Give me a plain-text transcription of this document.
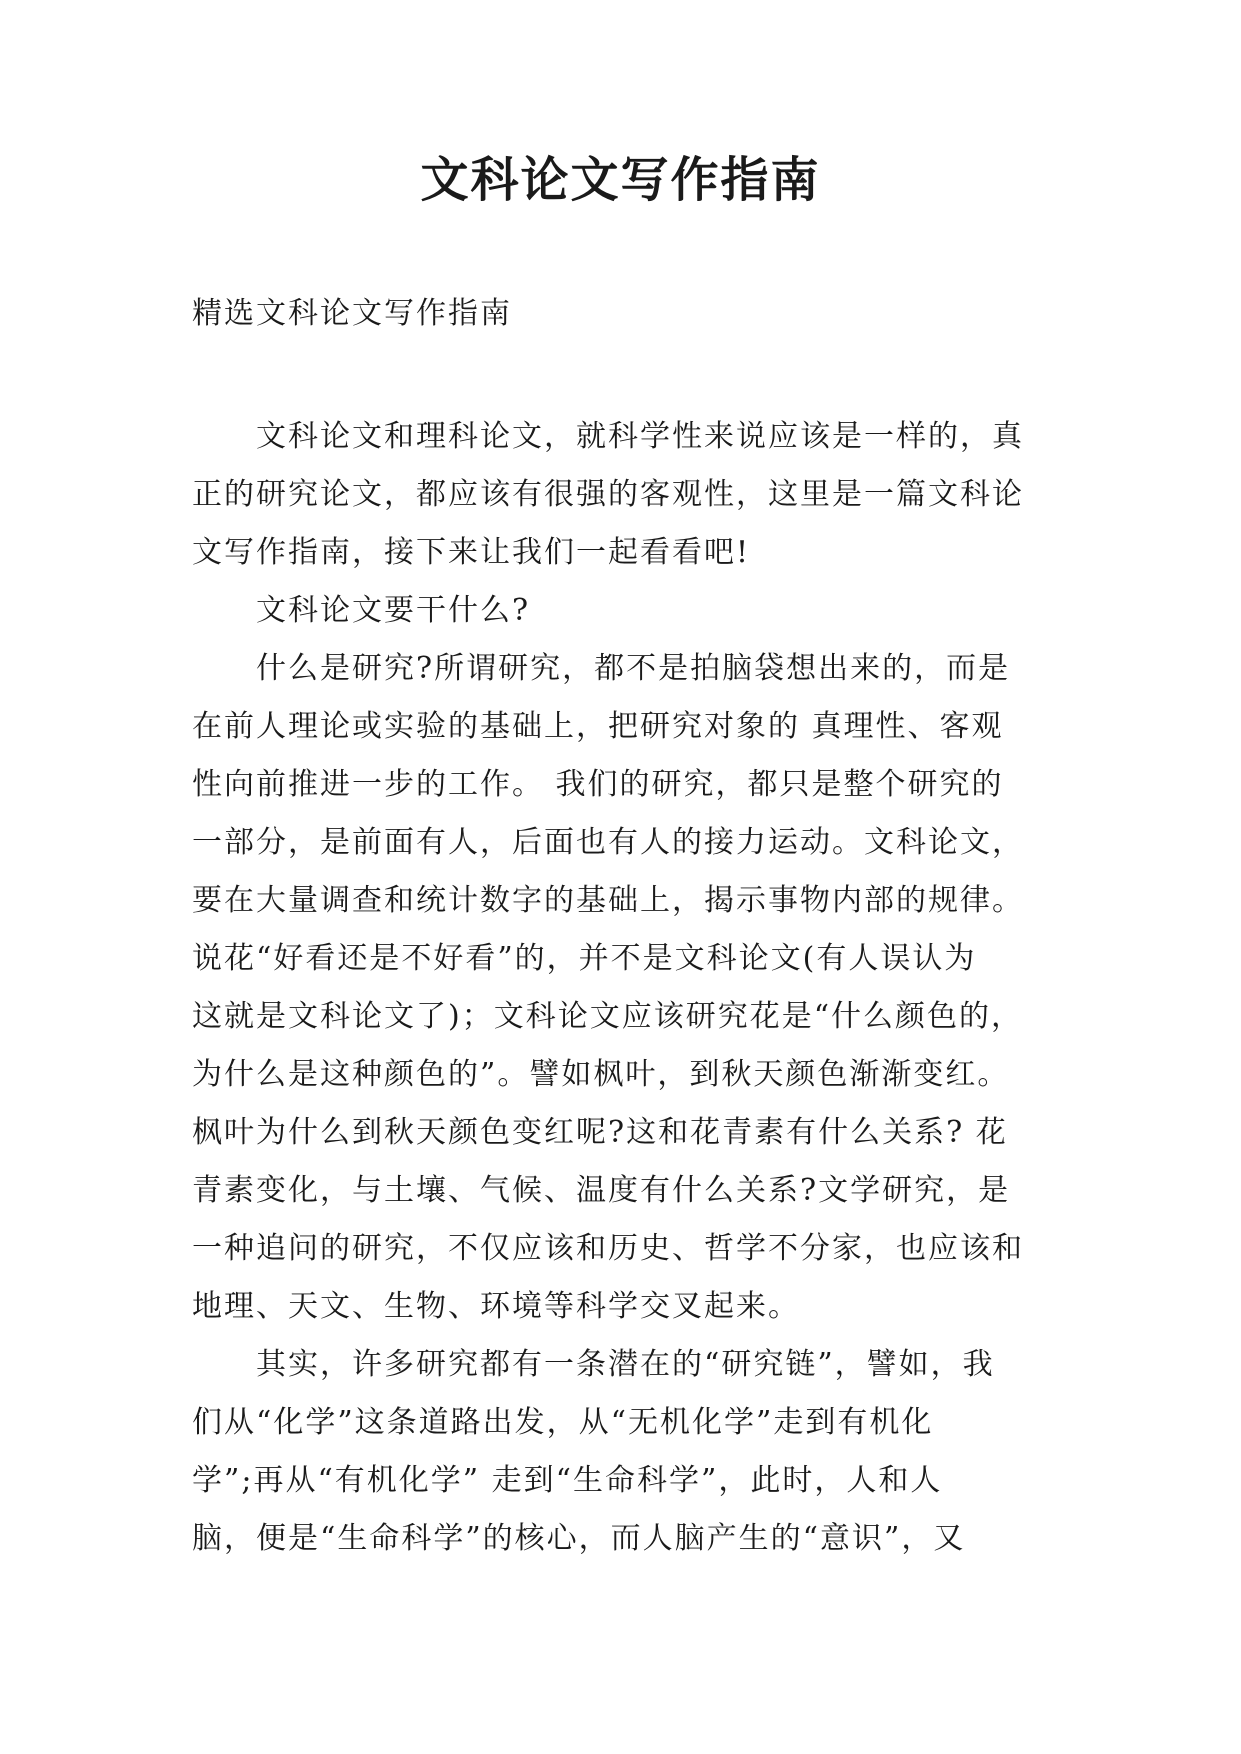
文科论文写作指南

精选文科论文写作指南

　　文科论文和理科论文，就科学性来说应该是一样的，真
正的研究论文，都应该有很强的客观性，这里是一篇文科论
文写作指南，接下来让我们一起看看吧!
　　文科论文要干什么?
　　什么是研究?所谓研究，都不是拍脑袋想出来的，而是
在前人理论或实验的基础上，把研究对象的 真理性、客观
性向前推进一步的工作。 我们的研究，都只是整个研究的
一部分，是前面有人，后面也有人的接力运动。文科论文，
要在大量调查和统计数字的基础上，揭示事物内部的规律。
说花“好看还是不好看”的，并不是文科论文(有人误认为
这就是文科论文了)；文科论文应该研究花是“什么颜色的，
为什么是这种颜色的”。譬如枫叶，到秋天颜色渐渐变红。
枫叶为什么到秋天颜色变红呢?这和花青素有什么关系? 花
青素变化，与土壤、气候、温度有什么关系?文学研究，是
一种追问的研究，不仅应该和历史、哲学不分家，也应该和
地理、天文、生物、环境等科学交叉起来。
　　其实，许多研究都有一条潜在的“研究链”，譬如，我
们从“化学”这条道路出发，从“无机化学”走到有机化
学”;再从“有机化学” 走到“生命科学”，此时，人和人
脑，便是“生命科学”的核心，而人脑产生的“意识”，又
